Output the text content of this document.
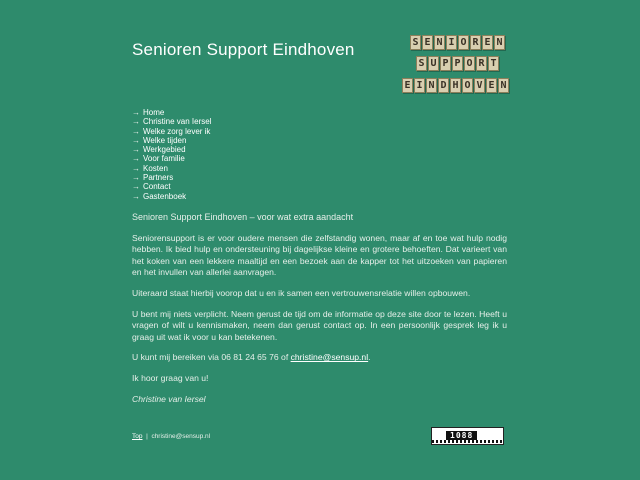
Senioren Support Eindhoven	S E N I O R E N
S U P P O R T
E I N D H O V E N
→ Home
→ Christine van Iersel
→ Welke zorg lever ik
→ Welke tijden
→ Werkgebied
→ Voor familie
→ Kosten
→ Partners
→ Contact
→ Gastenboek

Senioren Support Eindhoven – voor wat extra aandacht

Seniorensupport is er voor oudere mensen die zelfstandig wonen, maar af en toe wat hulp nodig hebben. Ik bied hulp en ondersteuning bij dagelijkse kleine en grotere behoeften. Dat varieert van het koken van een lekkere maaltijd en een bezoek aan de kapper tot het uitzoeken van papieren en het invullen van allerlei aanvragen.

Uiteraard staat hierbij voorop dat u en ik samen een vertrouwensrelatie willen opbouwen.

U bent mij niets verplicht. Neem gerust de tijd om de informatie op deze site door te lezen. Heeft u vragen of wilt u kennismaken, neem dan gerust contact op. In een persoonlijk gesprek leg ik u graag uit wat ik voor u kan betekenen.

U kunt mij bereiken via 06 81 24 65 76 of christine@sensup.nl.

Ik hoor graag van u!

Christine van Iersel

Top | christine@sensup.nl	1088
